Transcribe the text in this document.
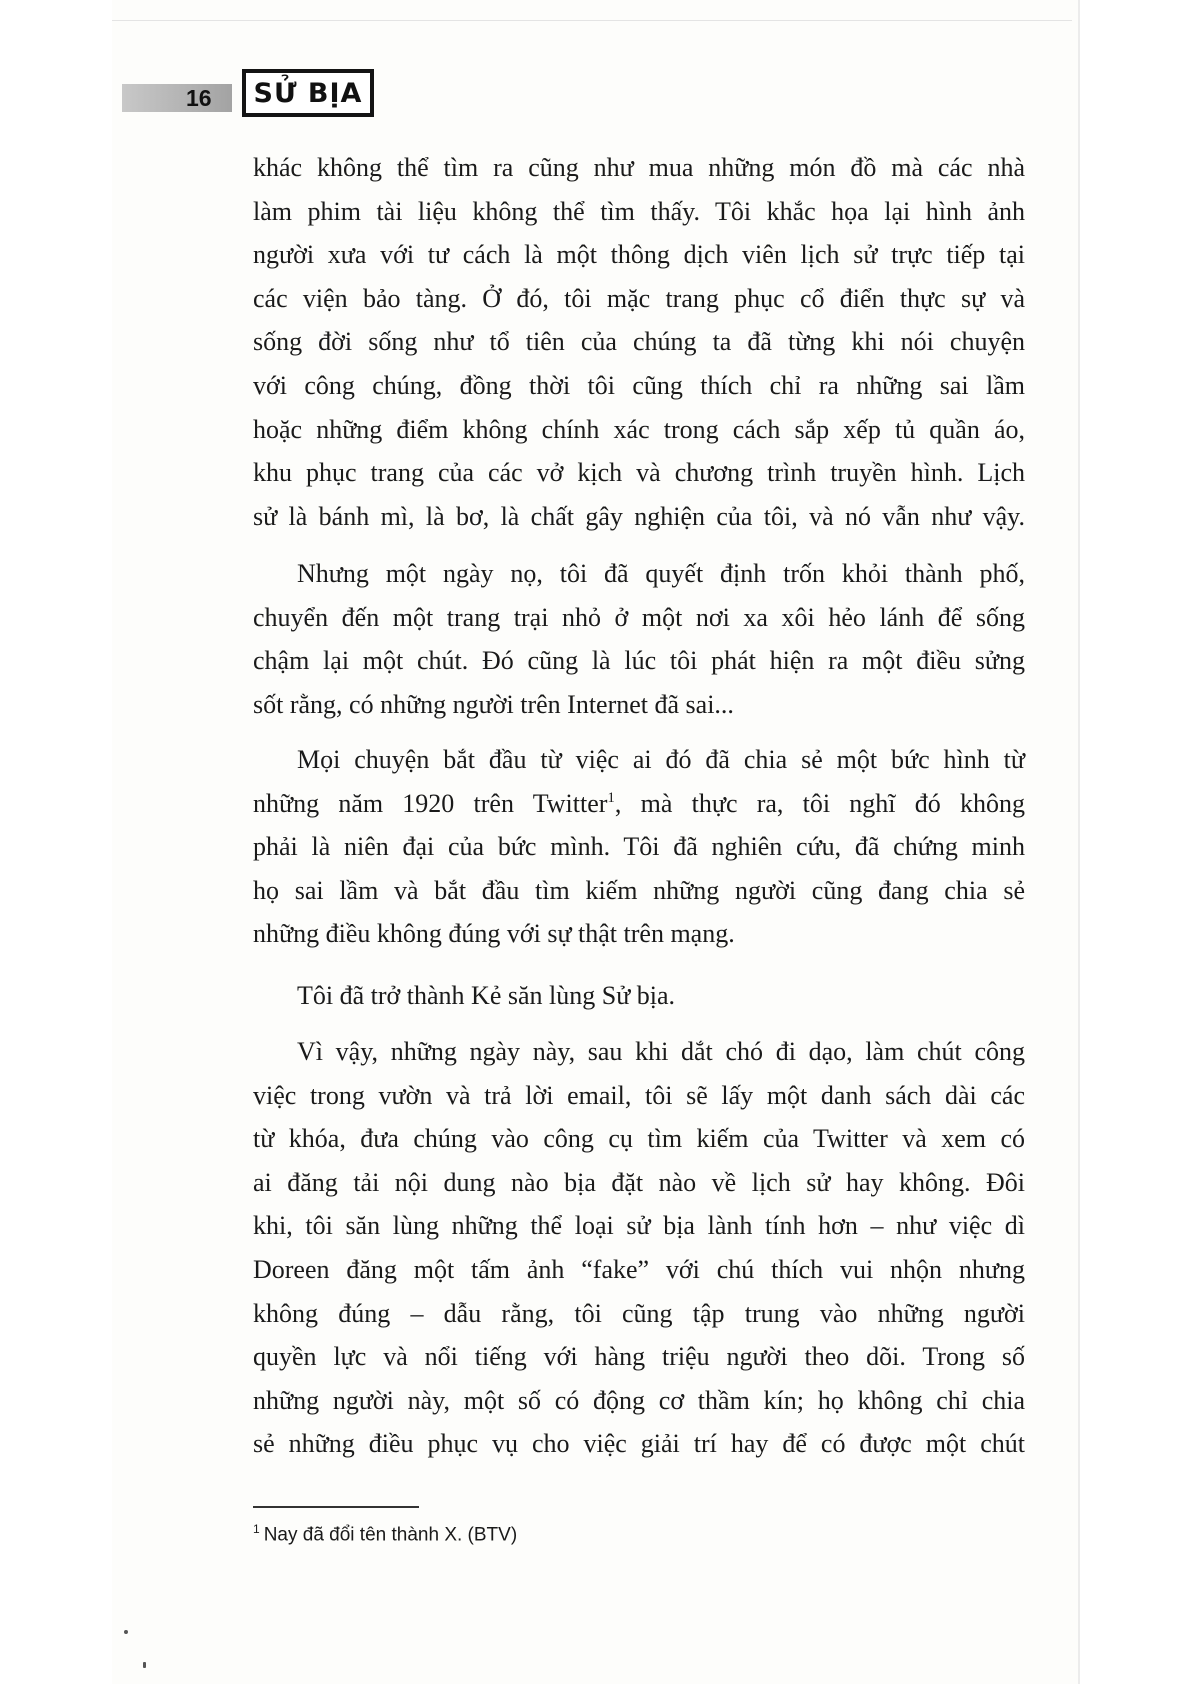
16 SỬ BỊA
khác không thể tìm ra cũng như mua những món đồ mà các nhà
làm phim tài liệu không thể tìm thấy. Tôi khắc họa lại hình ảnh
người xưa với tư cách là một thông dịch viên lịch sử trực tiếp tại
các viện bảo tàng. Ở đó, tôi mặc trang phục cổ điển thực sự và
sống đời sống như tổ tiên của chúng ta đã từng khi nói chuyện
với công chúng, đồng thời tôi cũng thích chỉ ra những sai lầm
hoặc những điểm không chính xác trong cách sắp xếp tủ quần áo,
khu phục trang của các vở kịch và chương trình truyền hình. Lịch
sử là bánh mì, là bơ, là chất gây nghiện của tôi, và nó vẫn như vậy.
Nhưng một ngày nọ, tôi đã quyết định trốn khỏi thành phố,
chuyển đến một trang trại nhỏ ở một nơi xa xôi hẻo lánh để sống
chậm lại một chút. Đó cũng là lúc tôi phát hiện ra một điều sửng
sốt rằng, có những người trên Internet đã sai...
Mọi chuyện bắt đầu từ việc ai đó đã chia sẻ một bức hình từ
những năm 1920 trên Twitter$^1$, mà thực ra, tôi nghĩ đó không
phải là niên đại của bức mình. Tôi đã nghiên cứu, đã chứng minh
họ sai lầm và bắt đầu tìm kiếm những người cũng đang chia sẻ
những điều không đúng với sự thật trên mạng.
Tôi đã trở thành Kẻ săn lùng Sử bịa.
Vì vậy, những ngày này, sau khi dắt chó đi dạo, làm chút công
việc trong vườn và trả lời email, tôi sẽ lấy một danh sách dài các
từ khóa, đưa chúng vào công cụ tìm kiếm của Twitter và xem có
ai đăng tải nội dung nào bịa đặt nào về lịch sử hay không. Đôi
khi, tôi săn lùng những thể loại sử bịa lành tính hơn – như việc dì
Doreen đăng một tấm ảnh “fake” với chú thích vui nhộn nhưng
không đúng – dẫu rằng, tôi cũng tập trung vào những người
quyền lực và nổi tiếng với hàng triệu người theo dõi. Trong số
những người này, một số có động cơ thầm kín; họ không chỉ chia
sẻ những điều phục vụ cho việc giải trí hay để có được một chút
$^1$ Nay đã đổi tên thành X. (BTV)
